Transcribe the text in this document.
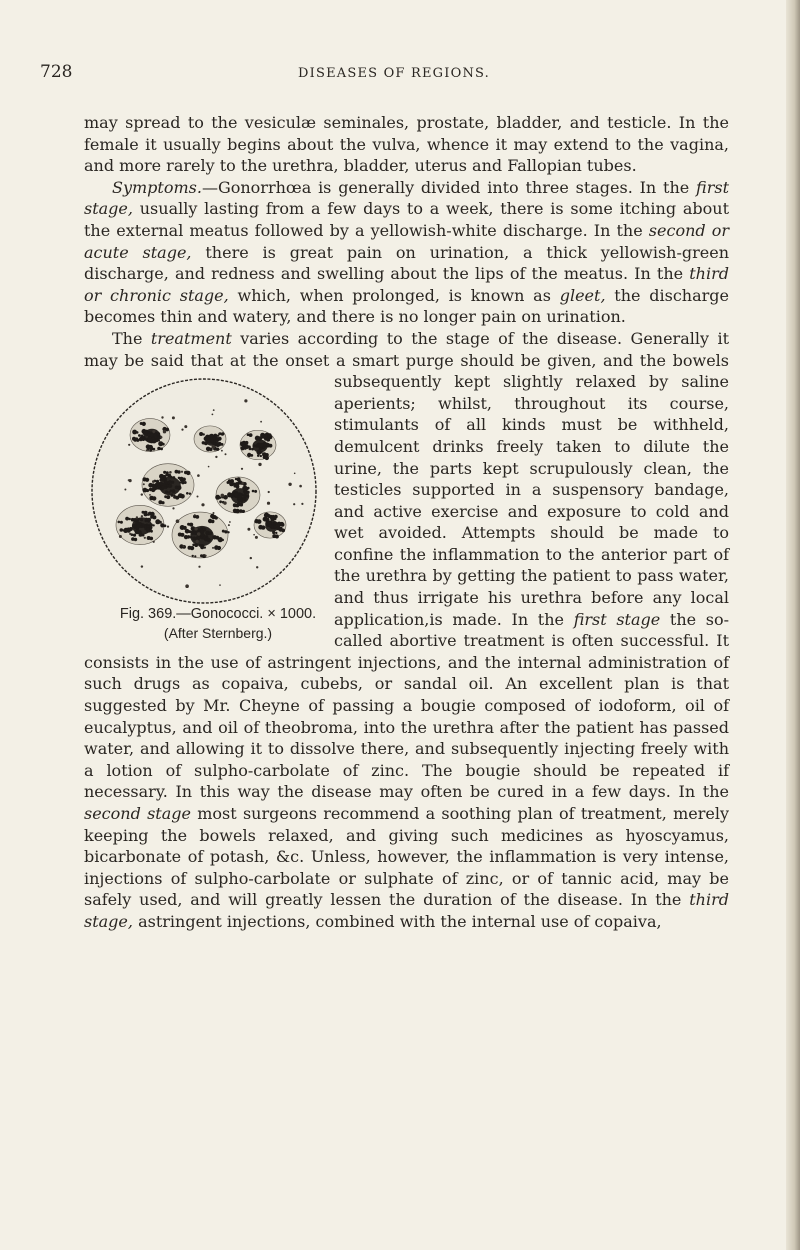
728	DISEASES OF REGIONS.

may spread to the vesiculæ seminales, prostate, bladder, and testicle. In the female it usually begins about the vulva, whence it may extend to the vagina, and more rarely to the urethra, bladder, uterus and Fallopian tubes.

Symptoms.—Gonorrhœa is generally divided into three stages. In the first stage, usually lasting from a few days to a week, there is some itching about the external meatus followed by a yellowish-white discharge. In the second or acute stage, there is great pain on urination, a thick yellowish-green discharge, and redness and swelling about the lips of the meatus. In the third or chronic stage, which, when prolonged, is known as gleet, the discharge becomes thin and watery, and there is no longer pain on urination.

The treatment varies according to the stage of the disease. Generally it may be said that at the onset a smart purge should be
Fig. 369.—Gonococci. × 1000.
(After Sternberg.)
given, and the bowels subsequently kept slightly relaxed by saline aperients; whilst, throughout its course, stimulants of all kinds must be withheld, demulcent drinks freely taken to dilute the urine, the parts kept scrupulously clean, the testicles supported in a suspensory bandage, and active exercise and exposure to cold and wet avoided. Attempts should be made to confine the inflammation to the anterior part of the urethra by getting the patient to pass water, and thus irrigate his urethra before any local application,is made. In the first stage the so-called abortive treatment is often successful. It consists in the use of astringent injections, and the internal administration of such drugs as copaiva, cubebs, or sandal oil. An excellent plan is that suggested by Mr. Cheyne of passing a bougie composed of iodoform, oil of eucalyptus, and oil of theobroma, into the urethra after the patient has passed water, and allowing it to dissolve there, and subsequently injecting freely with a lotion of sulpho-carbolate of zinc. The bougie should be repeated if necessary. In this way the disease may often be cured in a few days. In the second stage most surgeons recommend a soothing plan of treatment, merely keeping the bowels relaxed, and giving such medicines as hyoscyamus, bicarbonate of potash, &c. Unless, however, the inflammation is very intense, injections of sulpho-carbolate or sulphate of zinc, or of tannic acid, may be safely used, and will greatly lessen the duration of the disease. In the third stage, astringent injections, combined with the internal use of copaiva,
